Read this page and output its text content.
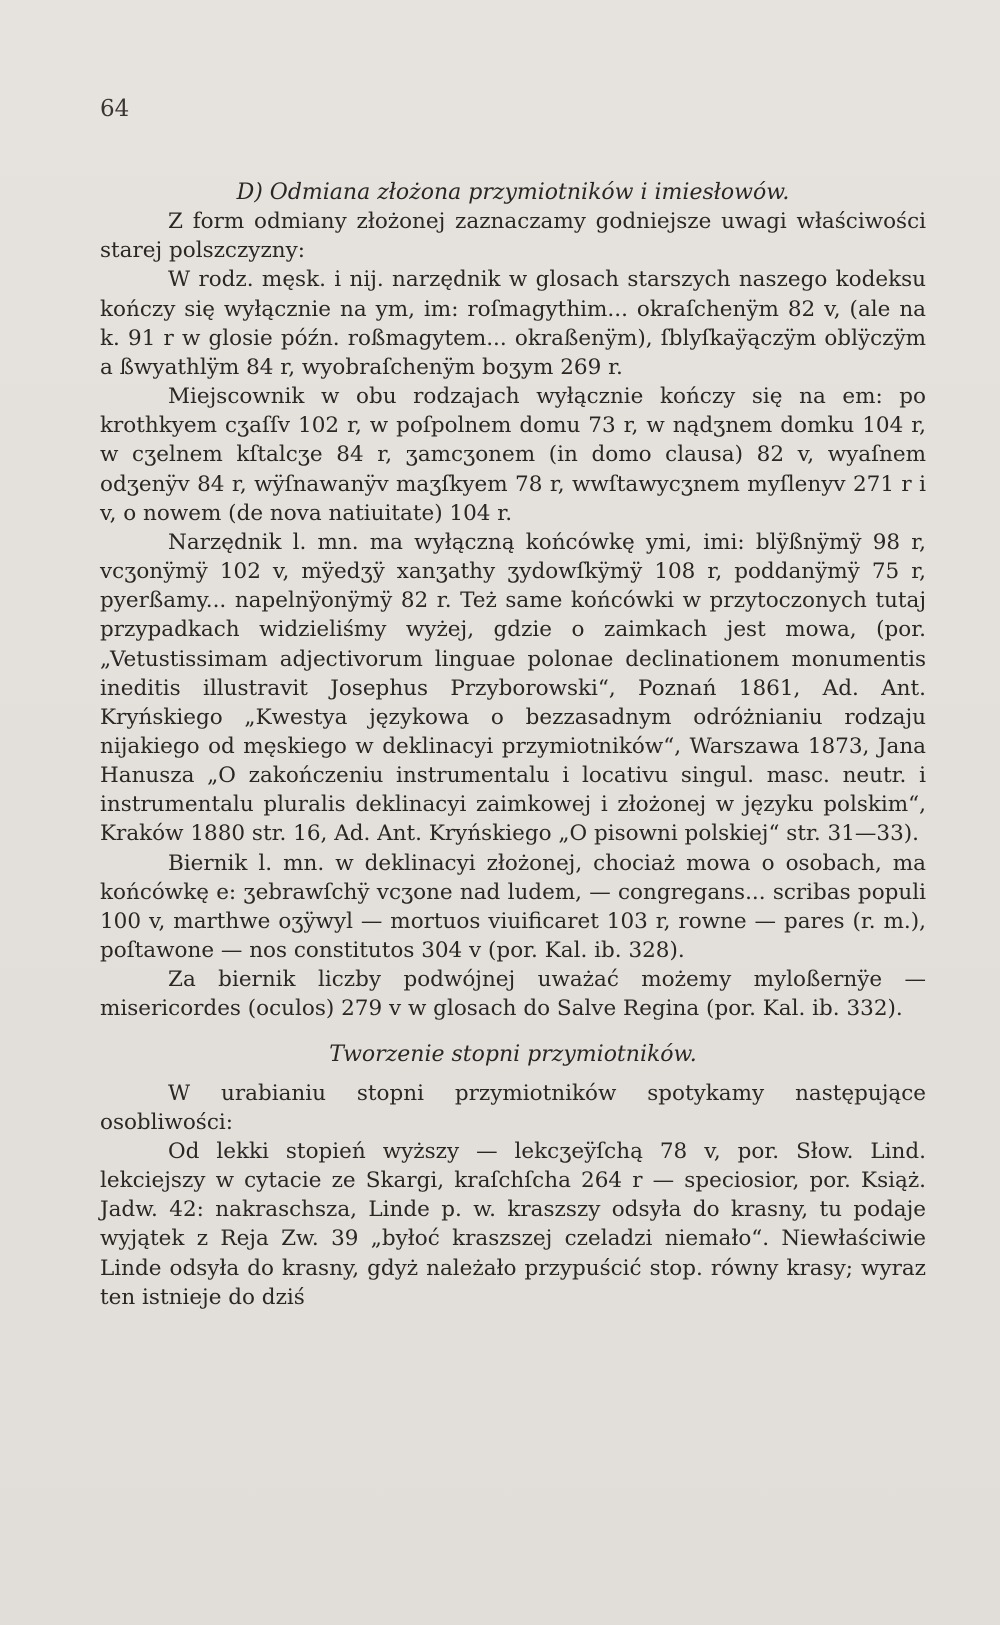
64

D) Odmiana złożona przymiotników i imiesłowów.

Z form odmiany złożonej zaznaczamy godniejsze uwagi właściwości starej polszczyzny:

W rodz. męsk. i nij. narzędnik w glosach starszych naszego kodeksu kończy się wyłącznie na ym, im: roſmagythim... okraſchenÿm 82 v, (ale na k. 91 r w glosie późn. roßmagytem... okraßenÿm), ſblyſkaÿączÿm oblÿczÿm a ßwyathlÿm 84 r, wyobraſchenÿm boʒym 269 r.

Miejscownik w obu rodzajach wyłącznie kończy się na em: po krothkyem cʒaſſv 102 r, w poſpolnem domu 73 r, w nądʒnem domku 104 r, w cʒelnem kſtalcʒe 84 r, ʒamcʒonem (in domo clausa) 82 v, wyaſnem odʒenÿv 84 r, wÿſnawanÿv maʒſkyem 78 r, wwſtawycʒnem myſlenyv 271 r i v, o nowem (de nova natiuitate) 104 r.

Narzędnik l. mn. ma wyłączną końcówkę ymi, imi: blÿßnÿmÿ 98 r, vcʒonÿmÿ 102 v, mÿedʒÿ xanʒathy ʒydowſkÿmÿ 108 r, poddanÿmÿ 75 r, pyerßamy... napelnÿonÿmÿ 82 r. Też same końcówki w przytoczonych tutaj przypadkach widzieliśmy wyżej, gdzie o zaimkach jest mowa, (por. „Vetustissimam adjectivorum linguae polonae declinationem monumentis ineditis illustravit Josephus Przyborowski“, Poznań 1861, Ad. Ant. Kryńskiego „Kwestya językowa o bezzasadnym odróżnianiu rodzaju nijakiego od męskiego w deklinacyi przymiotników“, Warszawa 1873, Jana Hanusza „O zakończeniu instrumentalu i locativu singul. masc. neutr. i instrumentalu pluralis deklinacyi zaimkowej i złożonej w języku polskim“, Kraków 1880 str. 16, Ad. Ant. Kryńskiego „O pisowni polskiej“ str. 31—33).

Biernik l. mn. w deklinacyi złożonej, chociaż mowa o osobach, ma końcówkę e: ʒebrawſchÿ vcʒone nad ludem, — congregans... scribas populi 100 v, marthwe oʒÿwyl — mortuos viuificaret 103 r, rowne — pares (r. m.), poſtawone — nos constitutos 304 v (por. Kal. ib. 328).

Za biernik liczby podwójnej uważać możemy myloßernÿe — misericordes (oculos) 279 v w glosach do Salve Regina (por. Kal. ib. 332).

Tworzenie stopni przymiotników.

W urabianiu stopni przymiotników spotykamy następujące osobliwości:

Od lekki stopień wyższy — lekcʒeÿſchą 78 v, por. Słow. Lind. lekciejszy w cytacie ze Skargi, kraſchſcha 264 r — speciosior, por. Książ. Jadw. 42: nakraschsza, Linde p. w. kraszszy odsyła do krasny, tu podaje wyjątek z Reja Zw. 39 „byłoć kraszszej czeladzi niemało“. Niewłaściwie Linde odsyła do krasny, gdyż należało przypuścić stop. równy krasy; wyraz ten istnieje do dziś
